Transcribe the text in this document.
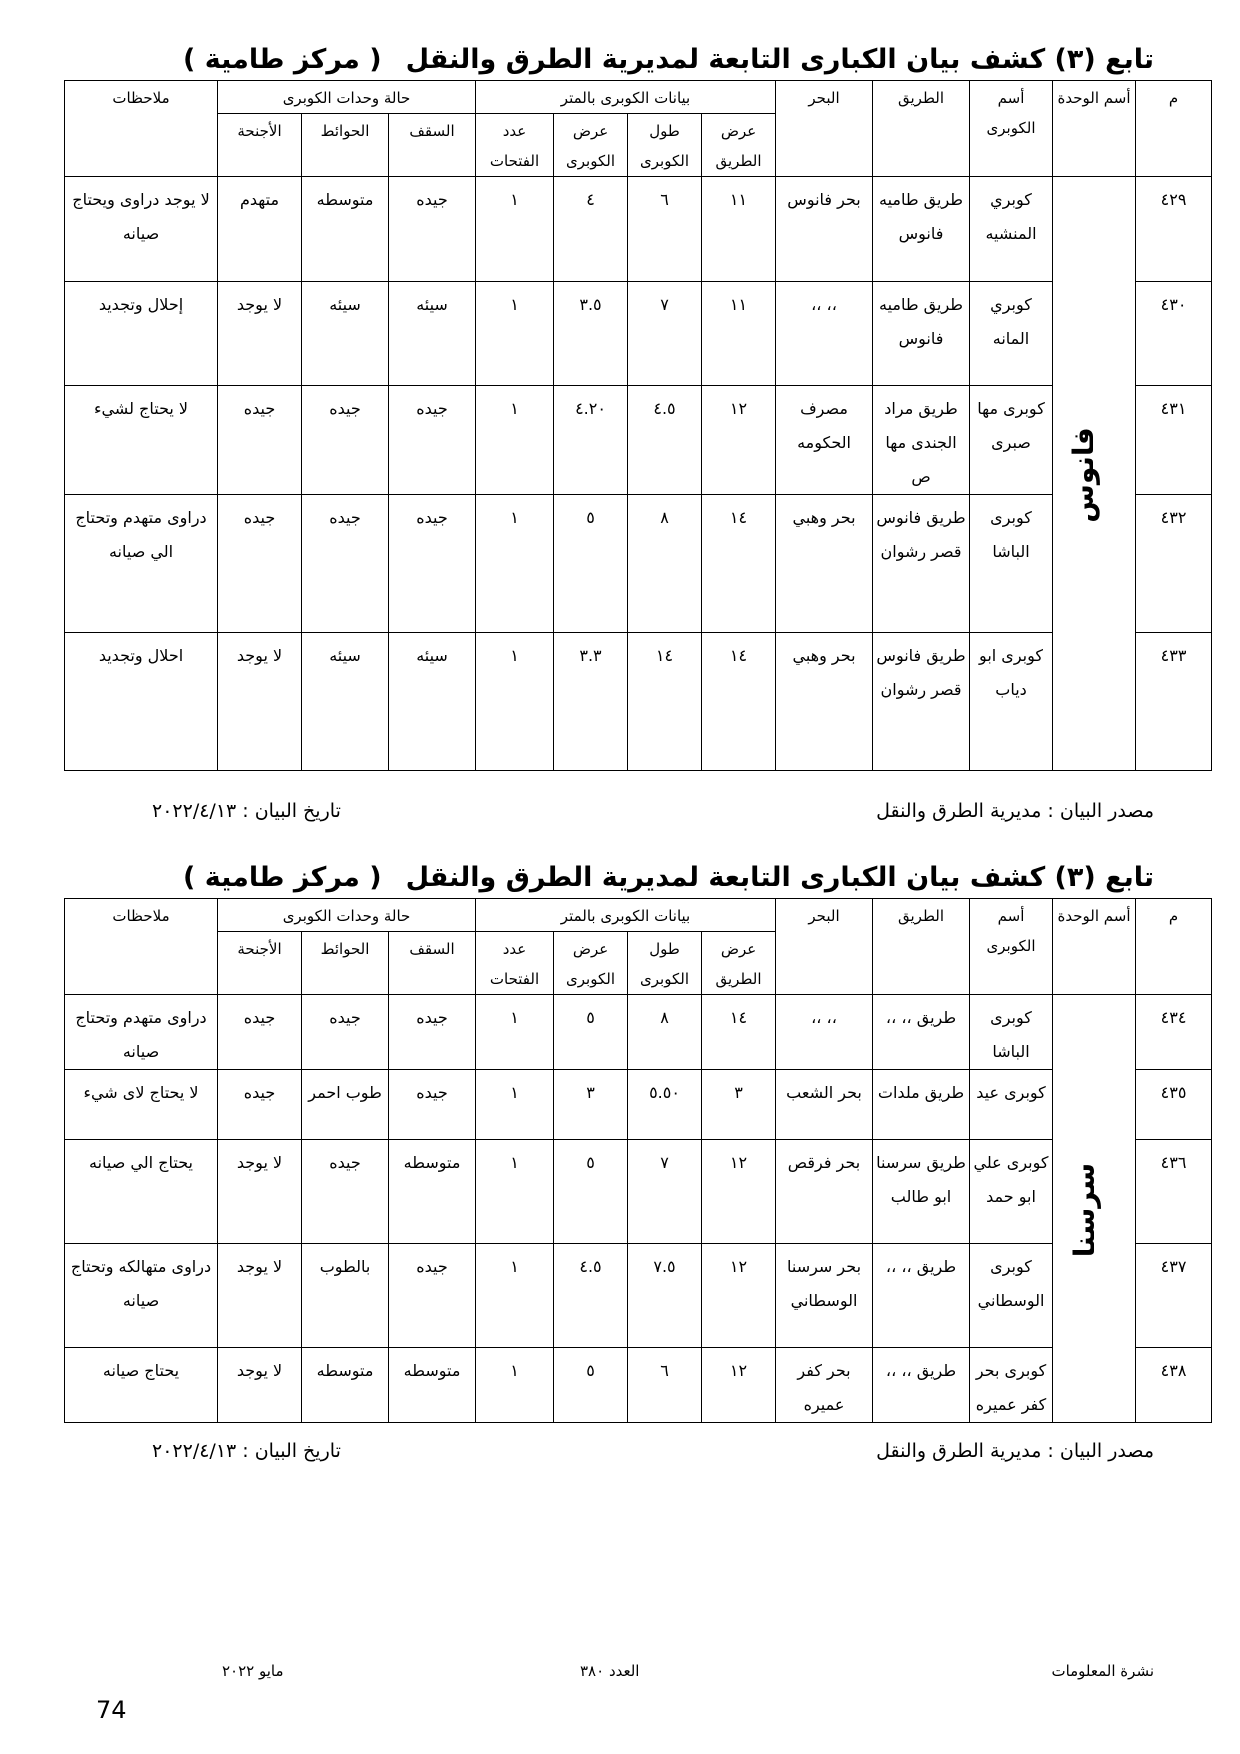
تابع (٣) كشف بيان الكبارى التابعة لمديرية الطرق والنقل( مركز طامية )
م	أسم الوحدة	أسم الكوبرى	الطريق	البحر	بيانات الكوبرى بالمتر				حالة وحدات الكوبرى			ملاحظات
					عرض الطريق	طول الكوبرى	عرض الكوبرى	عدد الفتحات	السقف	الحوائط	الأجنحة	
٤٢٩	فانوس	كوبري المنشيه	طريق طاميه فانوس	بحر فانوس	١١	٦	٤	١	جيده	متوسطه	متهدم	لا يوجد دراوى ويحتاج صيانه
٤٣٠		كوبري المانه	طريق طاميه فانوس	،، ،،	١١	٧	٣.٥	١	سيئه	سيئه	لا يوجد	إحلال وتجديد
٤٣١		كوبرى مها صبرى	طريق مراد الجندى مها ص	مصرف الحكومه	١٢	٤.٥	٤.٢٠	١	جيده	جيده	جيده	لا يحتاج لشيء
٤٣٢		كوبرى الباشا	طريق فانوس قصر رشوان	بحر وهبي	١٤	٨	٥	١	جيده	جيده	جيده	دراوى متهدم وتحتاج الي صيانه
٤٣٣		كوبرى ابو دياب	طريق فانوس قصر رشوان	بحر وهبي	١٤	١٤	٣.٣	١	سيئه	سيئه	لا يوجد	احلال وتجديد
مصدر البيان : مديرية الطرق والنقل
تاريخ البيان : ٢٠٢٢/٤/١٣
تابع (٣) كشف بيان الكبارى التابعة لمديرية الطرق والنقل( مركز طامية )
م	أسم الوحدة	أسم الكوبرى	الطريق	البحر	بيانات الكوبرى بالمتر				حالة وحدات الكوبرى			ملاحظات
					عرض الطريق	طول الكوبرى	عرض الكوبرى	عدد الفتحات	السقف	الحوائط	الأجنحة	
٤٣٤	سرسنا	كوبرى الباشا	طريق ،، ،،	،، ،،	١٤	٨	٥	١	جيده	جيده	جيده	دراوى متهدم وتحتاج صيانه
٤٣٥		كوبرى عيد	طريق ملدات	بحر الشعب	٣	٥.٥٠	٣	١	جيده	طوب احمر	جيده	لا يحتاج لاى شيء
٤٣٦		كوبرى علي ابو حمد	طريق سرسنا ابو طالب	بحر فرقص	١٢	٧	٥	١	متوسطه	جيده	لا يوجد	يحتاج الي صيانه
٤٣٧		كوبرى الوسطاني	طريق ،، ،،	بحر سرسنا الوسطاني	١٢	٧.٥	٤.٥	١	جيده	بالطوب	لا يوجد	دراوى متهالكه وتحتاج صيانه
٤٣٨		كوبرى بحر كفر عميره	طريق ،، ،،	بحر كفر عميره	١٢	٦	٥	١	متوسطه	متوسطه	لا يوجد	يحتاج صيانه
مصدر البيان : مديرية الطرق والنقل
تاريخ البيان : ٢٠٢٢/٤/١٣
نشرة المعلومات
العدد ٣٨٠
مايو ٢٠٢٢
74
